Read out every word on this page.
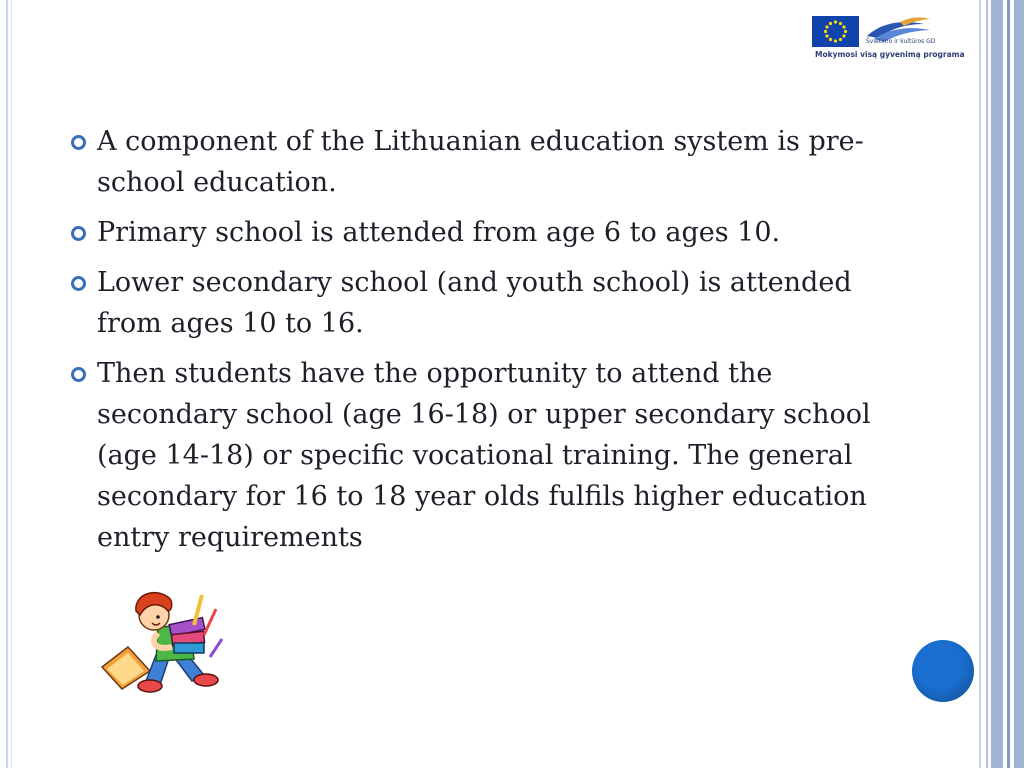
Švietimo ir kultūros GD
Mokymosi visą gyvenimą programa
A component of the Lithuanian education system is pre-school education.
Primary school is attended from age 6 to ages 10.
Lower secondary school (and youth school) is attended from ages 10 to 16.
Then students have the opportunity to attend the secondary school (age 16-18) or upper secondary school (age 14-18) or specific vocational training. The general secondary for 16 to 18 year olds fulfils higher education entry requirements
